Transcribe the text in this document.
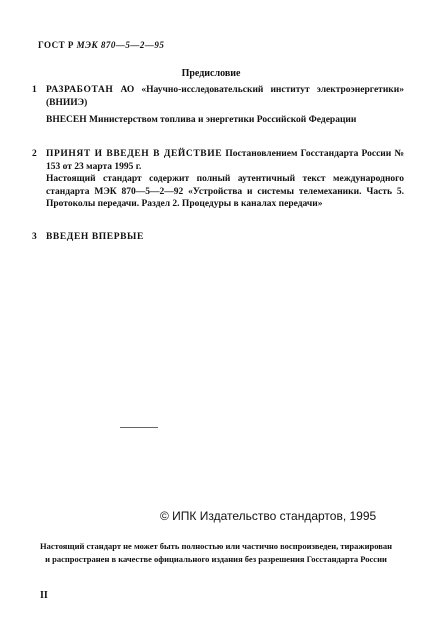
ГОСТ Р МЭК 870—5—2—95
Предисловие
1 РАЗРАБОТАН АО «Научно-исследовательский институт электроэнергетики» (ВНИИЭ)
ВНЕСЕН Министерством топлива и энергетики Российской Федерации
2 ПРИНЯТ И ВВЕДЕН В ДЕЙСТВИЕ Постановлением Госстандарта России № 153 от 23 марта 1995 г.
Настоящий стандарт содержит полный аутентичный текст международного стандарта МЭК 870—5—2—92 «Устройства и системы телемеханики. Часть 5. Протоколы передачи. Раздел 2. Процедуры в каналах передачи»
3 ВВЕДЕН ВПЕРВЫЕ
© ИПК Издательство стандартов, 1995
Настоящий стандарт не может быть полностью или частично воспроизведен, тиражирован и распространен в качестве официального издания без разрешения Госстандарта России
II
